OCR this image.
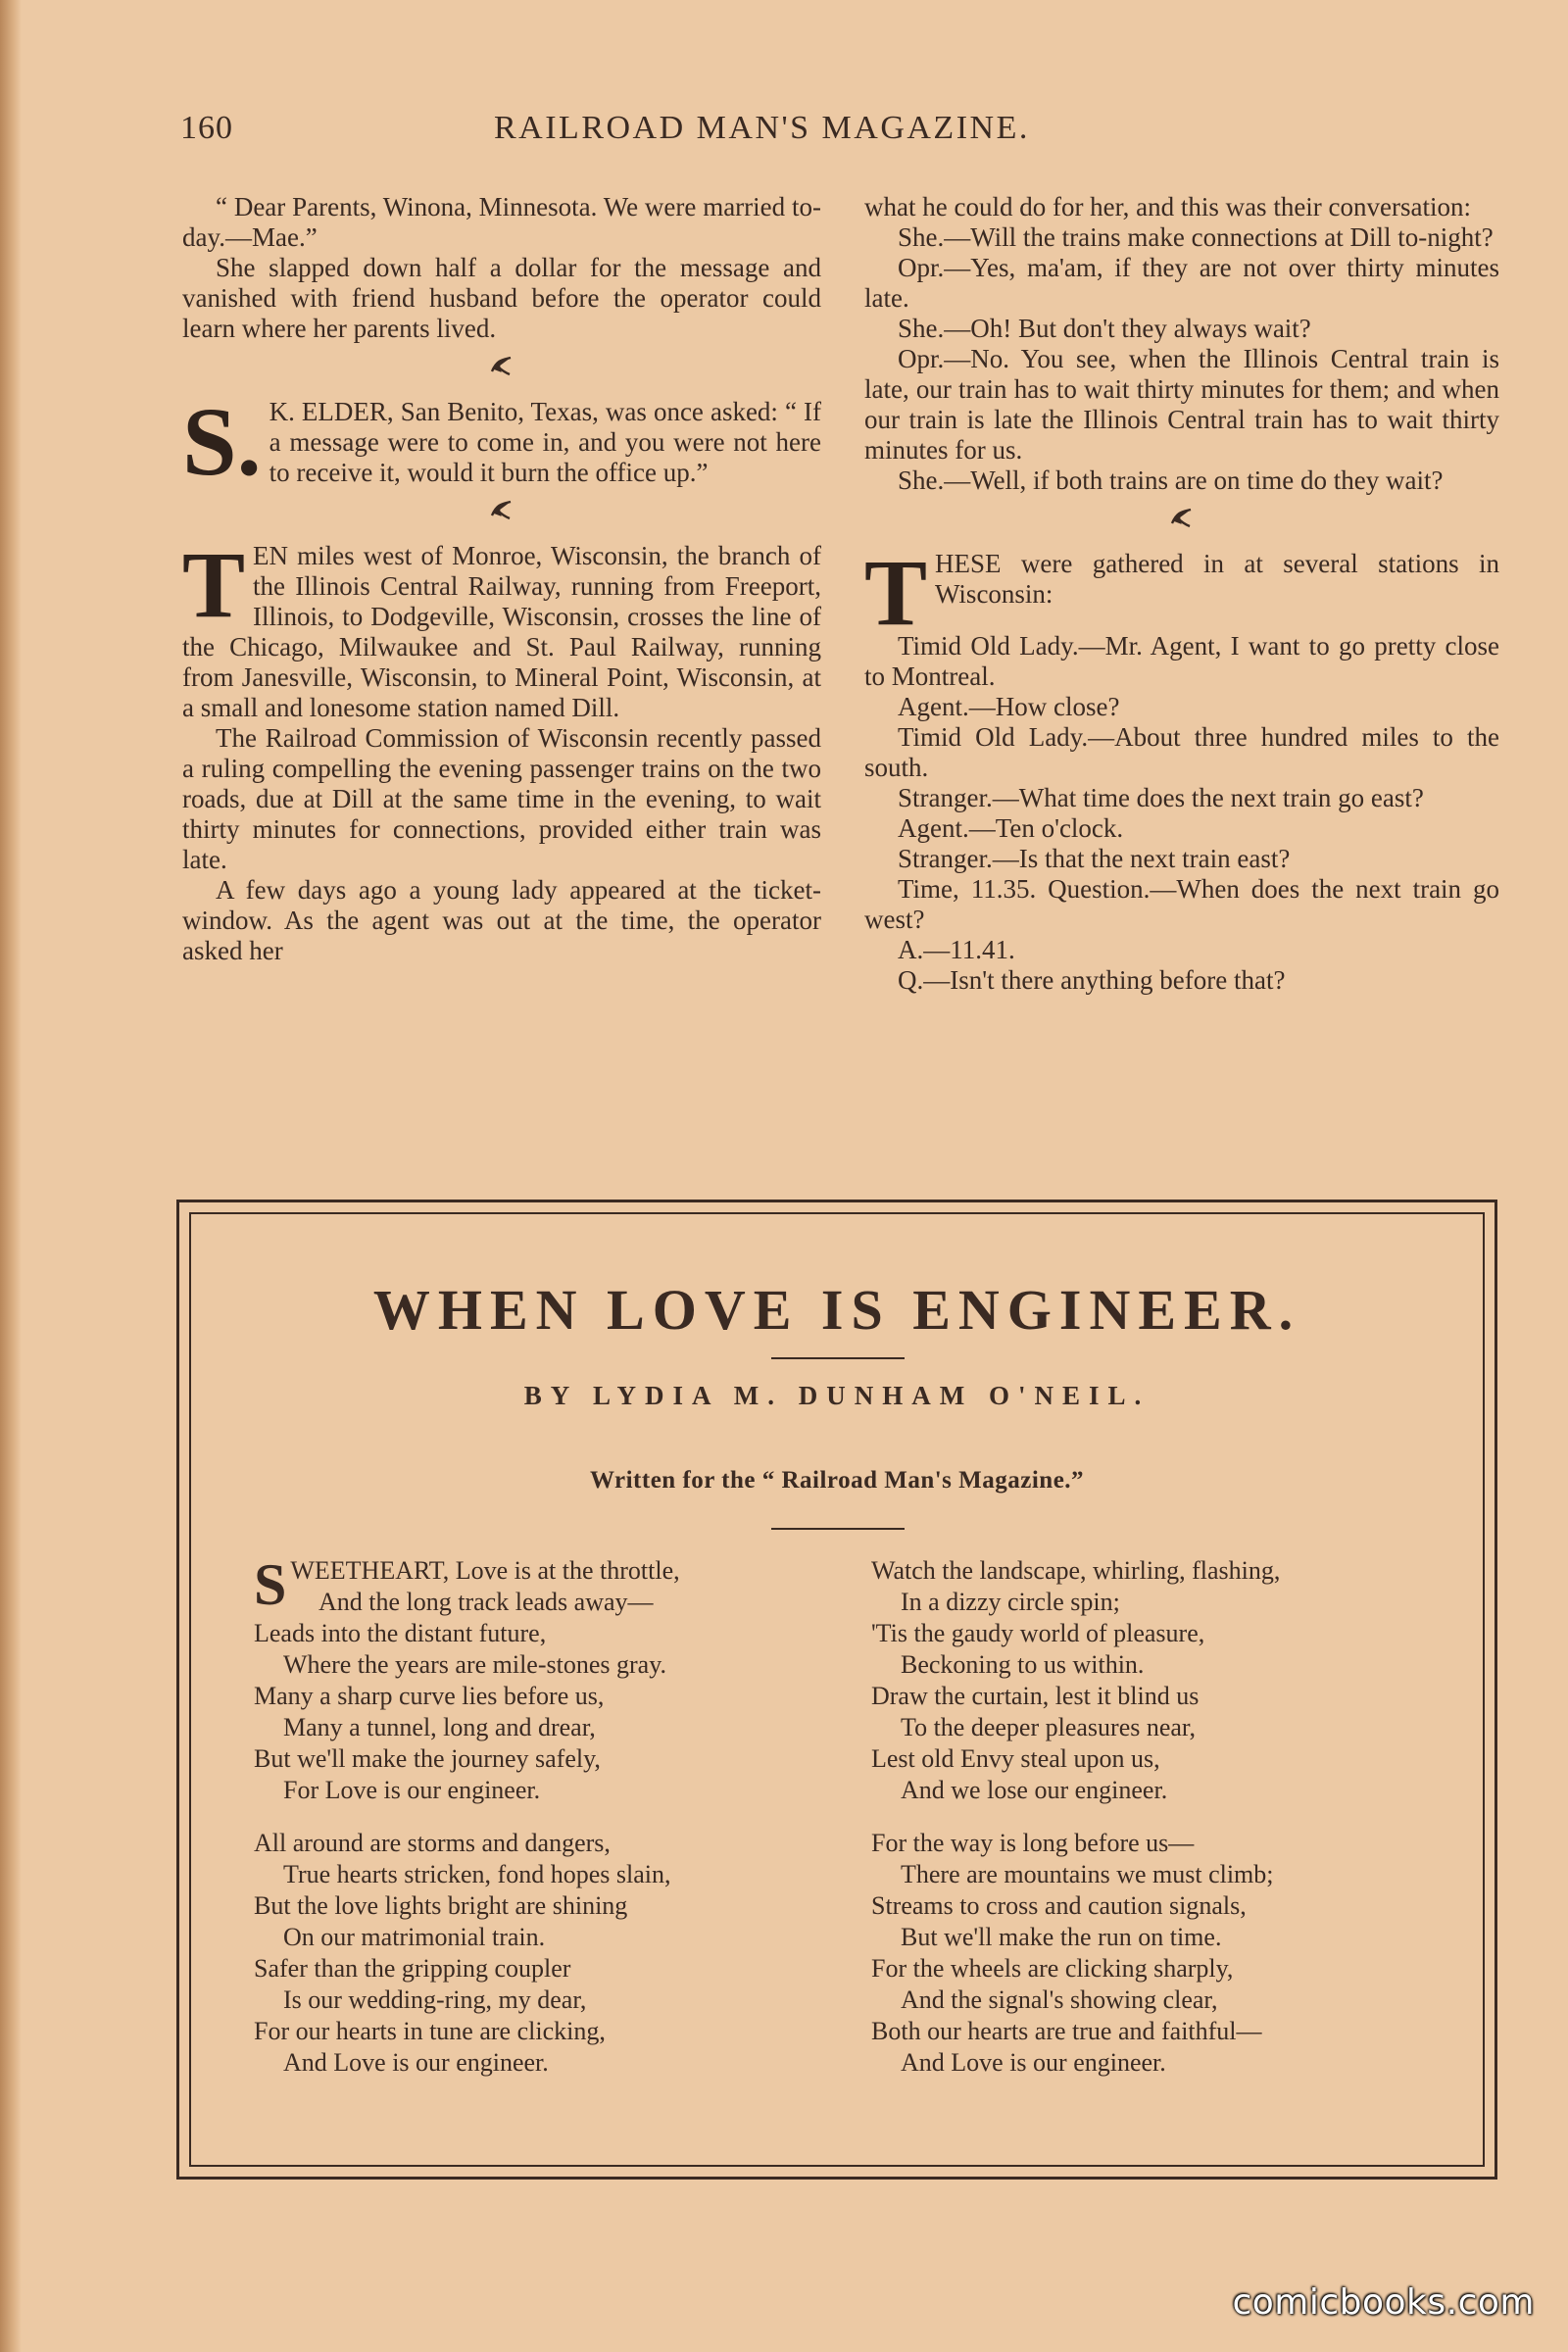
160	RAILROAD MAN'S MAGAZINE.

“ Dear Parents, Winona, Minnesota. We were married to-day.—Mae.”

She slapped down half a dollar for the message and vanished with friend husband before the operator could learn where her parents lived.

S. K. ELDER, San Benito, Texas, was once asked: “ If a message were to come in, and you were not here to receive it, would it burn the office up.”

T EN miles west of Monroe, Wisconsin, the branch of the Illinois Central Railway, running from Freeport, Illinois, to Dodgeville, Wisconsin, crosses the line of the Chicago, Milwaukee and St. Paul Railway, running from Janesville, Wisconsin, to Mineral Point, Wisconsin, at a small and lonesome station named Dill.

The Railroad Commission of Wisconsin recently passed a ruling compelling the evening passenger trains on the two roads, due at Dill at the same time in the evening, to wait thirty minutes for connections, provided either train was late.

A few days ago a young lady appeared at the ticket-window. As the agent was out at the time, the operator asked her

what he could do for her, and this was their conversation:

She.—Will the trains make connections at Dill to-night?

Opr.—Yes, ma'am, if they are not over thirty minutes late.

She.—Oh! But don't they always wait?

Opr.—No. You see, when the Illinois Central train is late, our train has to wait thirty minutes for them; and when our train is late the Illinois Central train has to wait thirty minutes for us.

She.—Well, if both trains are on time do they wait?

T HESE were gathered in at several stations in Wisconsin:

Timid Old Lady.—Mr. Agent, I want to go pretty close to Montreal.

Agent.—How close?

Timid Old Lady.—About three hundred miles to the south.

Stranger.—What time does the next train go east?

Agent.—Ten o'clock.

Stranger.—Is that the next train east?

Time, 11.35. Question.—When does the next train go west?

A.—11.41.

Q.—Isn't there anything before that?

WHEN LOVE IS ENGINEER.
BY LYDIA M. DUNHAM O'NEIL.
Written for the “ Railroad Man's Magazine.”
S WEETHEART, Love is at the throttle,
And the long track leads away—
Leads into the distant future,
Where the years are mile-stones gray.
Many a sharp curve lies before us,
Many a tunnel, long and drear,
But we'll make the journey safely,
For Love is our engineer.
All around are storms and dangers,
True hearts stricken, fond hopes slain,
But the love lights bright are shining
On our matrimonial train.
Safer than the gripping coupler
Is our wedding-ring, my dear,
For our hearts in tune are clicking,
And Love is our engineer.
Watch the landscape, whirling, flashing,
In a dizzy circle spin;
'Tis the gaudy world of pleasure,
Beckoning to us within.
Draw the curtain, lest it blind us
To the deeper pleasures near,
Lest old Envy steal upon us,
And we lose our engineer.
For the way is long before us—
There are mountains we must climb;
Streams to cross and caution signals,
But we'll make the run on time.
For the wheels are clicking sharply,
And the signal's showing clear,
Both our hearts are true and faithful—
And Love is our engineer.
comicbooks.com
